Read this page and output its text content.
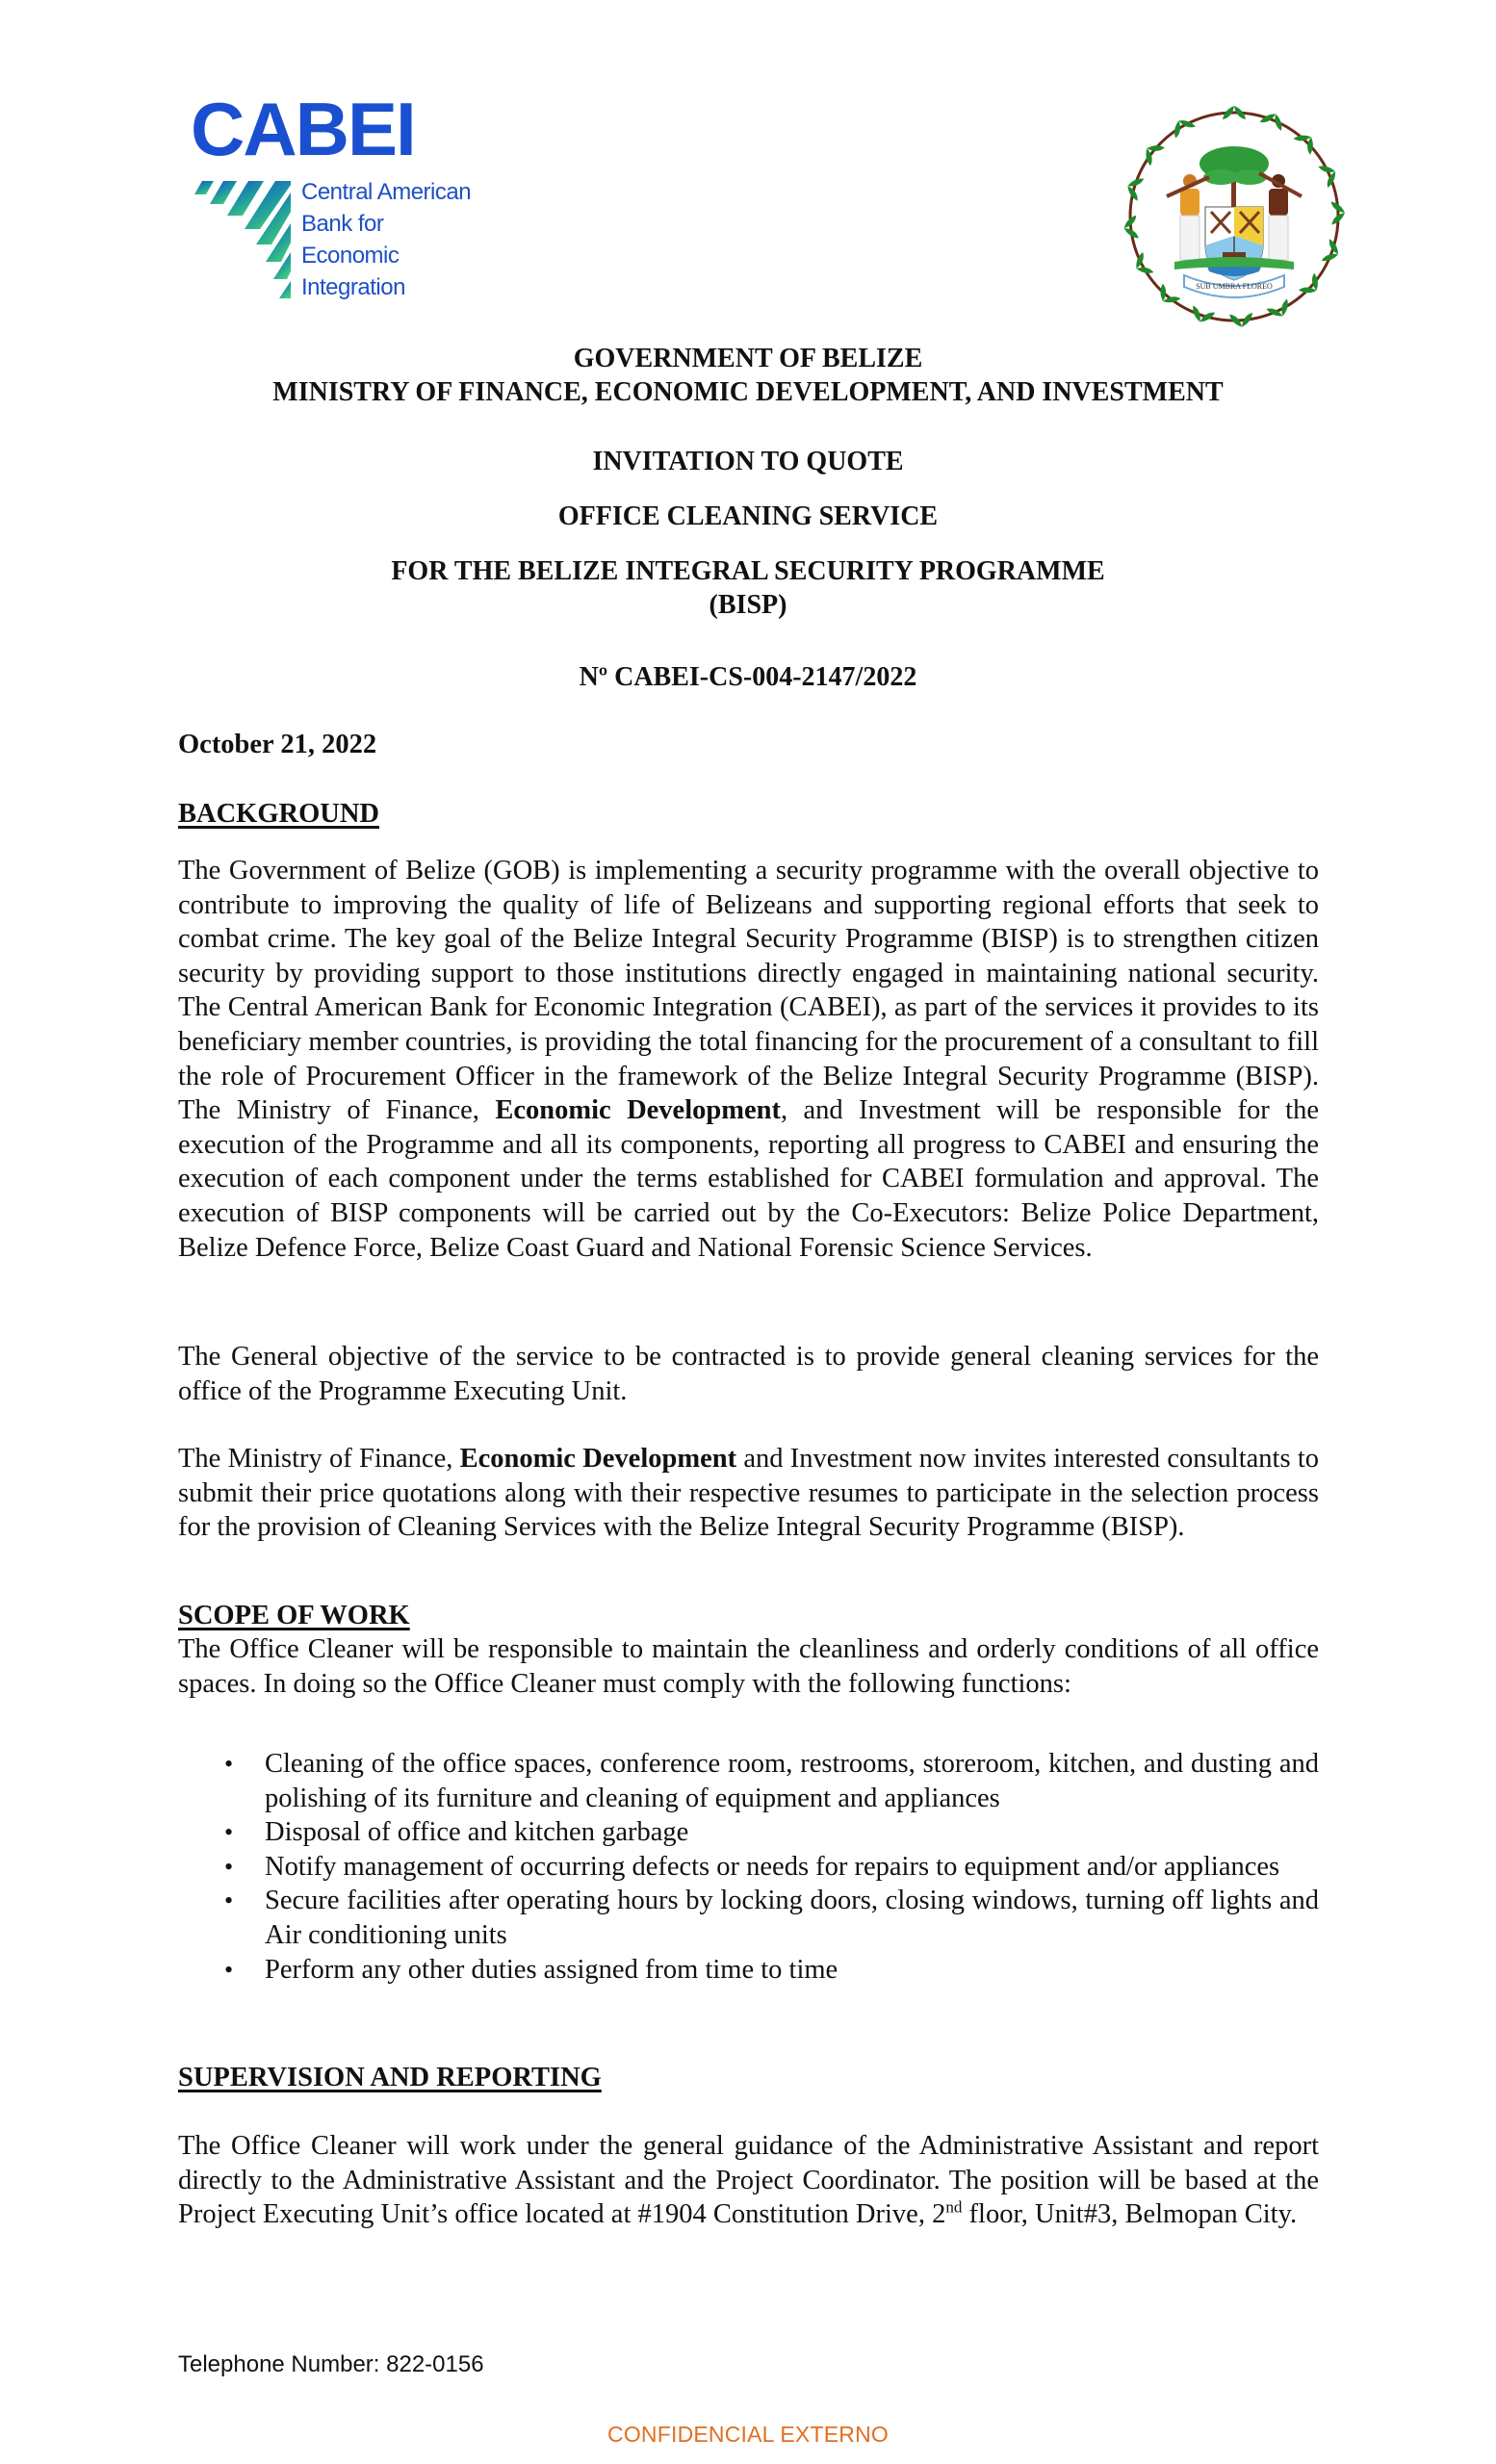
CABEI
Central American
Bank for
Economic
Integration	SUB UMBRA FLOREO
GOVERNMENT OF BELIZE
MINISTRY OF FINANCE, ECONOMIC DEVELOPMENT, AND INVESTMENT
INVITATION TO QUOTE
OFFICE CLEANING SERVICE
FOR THE BELIZE INTEGRAL SECURITY PROGRAMME
(BISP)
Nº CABEI-CS-004-2147/2022
October 21, 2022
BACKGROUND
The Government of Belize (GOB) is implementing a security programme with the overall objective to contribute to improving the quality of life of Belizeans and supporting regional efforts that seek to combat crime. The key goal of the Belize Integral Security Programme (BISP) is to strengthen citizen security by providing support to those institutions directly engaged in maintaining national security. The Central American Bank for Economic Integration (CABEI), as part of the services it provides to its beneficiary member countries, is providing the total financing for the procurement of a consultant to fill the role of Procurement Officer in the framework of the Belize Integral Security Programme (BISP). The Ministry of Finance, Economic Development, and Investment will be responsible for the execution of the Programme and all its components, reporting all progress to CABEI and ensuring the execution of each component under the terms established for CABEI formulation and approval. The execution of BISP components will be carried out by the Co-Executors: Belize Police Department, Belize Defence Force, Belize Coast Guard and National Forensic Science Services.
The General objective of the service to be contracted is to provide general cleaning services for the office of the Programme Executing Unit.
The Ministry of Finance, Economic Development and Investment now invites interested consultants to submit their price quotations along with their respective resumes to participate in the selection process for the provision of Cleaning Services with the Belize Integral Security Programme (BISP).
SCOPE OF WORK
The Office Cleaner will be responsible to maintain the cleanliness and orderly conditions of all office spaces. In doing so the Office Cleaner must comply with the following functions:
• Cleaning of the office spaces, conference room, restrooms, storeroom, kitchen, and dusting and polishing of its furniture and cleaning of equipment and appliances
• Disposal of office and kitchen garbage
• Notify management of occurring defects or needs for repairs to equipment and/or appliances
• Secure facilities after operating hours by locking doors, closing windows, turning off lights and Air conditioning units
• Perform any other duties assigned from time to time
SUPERVISION AND REPORTING
The Office Cleaner will work under the general guidance of the Administrative Assistant and report directly to the Administrative Assistant and the Project Coordinator. The position will be based at the Project Executing Unit’s office located at #1904 Constitution Drive, 2nd floor, Unit#3, Belmopan City.
Telephone Number: 822-0156
CONFIDENCIAL EXTERNO
